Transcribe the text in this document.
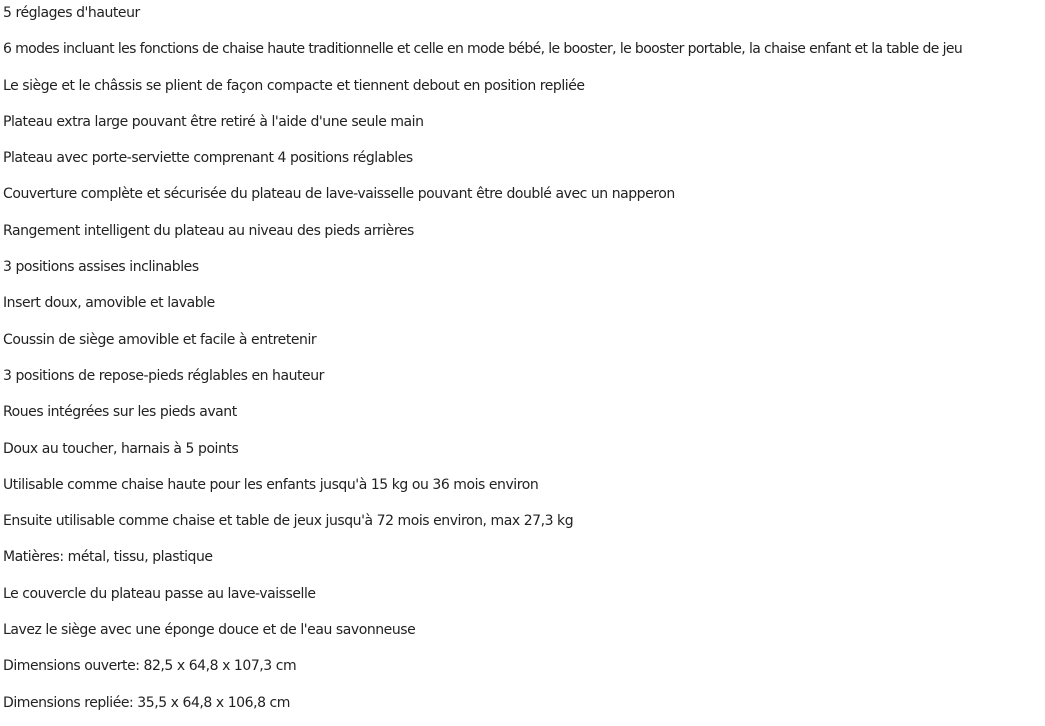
5 réglages d'hauteur
6 modes incluant les fonctions de chaise haute traditionnelle et celle en mode bébé, le booster, le booster portable, la chaise enfant et la table de jeu
Le siège et le châssis se plient de façon compacte et tiennent debout en position repliée
Plateau extra large pouvant être retiré à l'aide d'une seule main
Plateau avec porte-serviette comprenant 4 positions réglables
Couverture complète et sécurisée du plateau de lave-vaisselle pouvant être doublé avec un napperon
Rangement intelligent du plateau au niveau des pieds arrières
3 positions assises inclinables
Insert doux, amovible et lavable
Coussin de siège amovible et facile à entretenir
3 positions de repose-pieds réglables en hauteur
Roues intégrées sur les pieds avant
Doux au toucher, harnais à 5 points
Utilisable comme chaise haute pour les enfants jusqu'à 15 kg ou 36 mois environ
Ensuite utilisable comme chaise et table de jeux jusqu'à 72 mois environ, max 27,3 kg
Matières: métal, tissu, plastique
Le couvercle du plateau passe au lave-vaisselle
Lavez le siège avec une éponge douce et de l'eau savonneuse
Dimensions ouverte: 82,5 x 64,8 x 107,3 cm
Dimensions repliée: 35,5 x 64,8 x 106,8 cm
